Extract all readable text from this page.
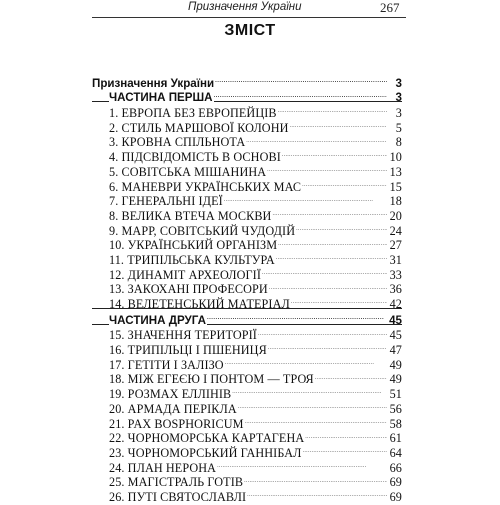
Призначення України	267
ЗМІСТ
Призначення України . . .	3
ЧАСТИНА ПЕРША . . .	3
1. ЕВРОПА БЕЗ ЕВРОПЕЙЦІВ . . .	3
2. СТИЛЬ МАРШОВОЇ КОЛОНИ . . .	5
3. КРОВНА СПІЛЬНОТА . . .	8
4. ПІДСВІДОМІСТЬ В ОСНОВІ . . .	10
5. СОВІТСЬКА МІШАНИНА . . .	13
6. МАНЕВРИ УКРАЇНСЬКИХ МАС . . .	15
7. ГЕНЕРАЛЬНІ ІДЕЇ . . .	18
8. ВЕЛИКА ВТЕЧА МОСКВИ . . .	20
9. МАРР, СОВІТСЬКИЙ ЧУДОДІЙ . . .	24
10. УКРАЇНСЬКИЙ ОРГАНІЗМ . . .	27
11. ТРИПІЛЬСЬКА КУЛЬТУРА . . .	31
12. ДИНАМІТ АРХЕОЛОГІЇ . . .	33
13. ЗАКОХАНІ ПРОФЕСОРИ . . .	36
14. ВЕЛЕТЕНСЬКИЙ МАТЕРІАЛ . . .	42
ЧАСТИНА ДРУГА . . .	45
15. ЗНАЧЕННЯ ТЕРИТОРІЇ . . .	45
16. ТРИПІЛЬЦІ І ПШЕНИЦЯ . . .	47
17. ГЕТІТИ І ЗАЛІЗО . . .	49
18. МІЖ ЕГЕЄЮ І ПОНТОМ — ТРОЯ . . .	49
19. РОЗМАХ ЕЛЛІНІВ . . .	51
20. АРМАДА ПЕРІКЛА . . .	56
21. PAX BOSPHORICUM . . .	58
22. ЧОРНОМОРСЬКА КАРТАГЕНА . . .	61
23. ЧОРНОМОРСЬКИЙ ГАННІБАЛ . . .	64
24. ПЛАН НЕРОНА . . .	66
25. МАГІСТРАЛЬ ГОТІВ . . .	69
26. ПУТІ СВЯТОСЛАВЛІ . . .	69
